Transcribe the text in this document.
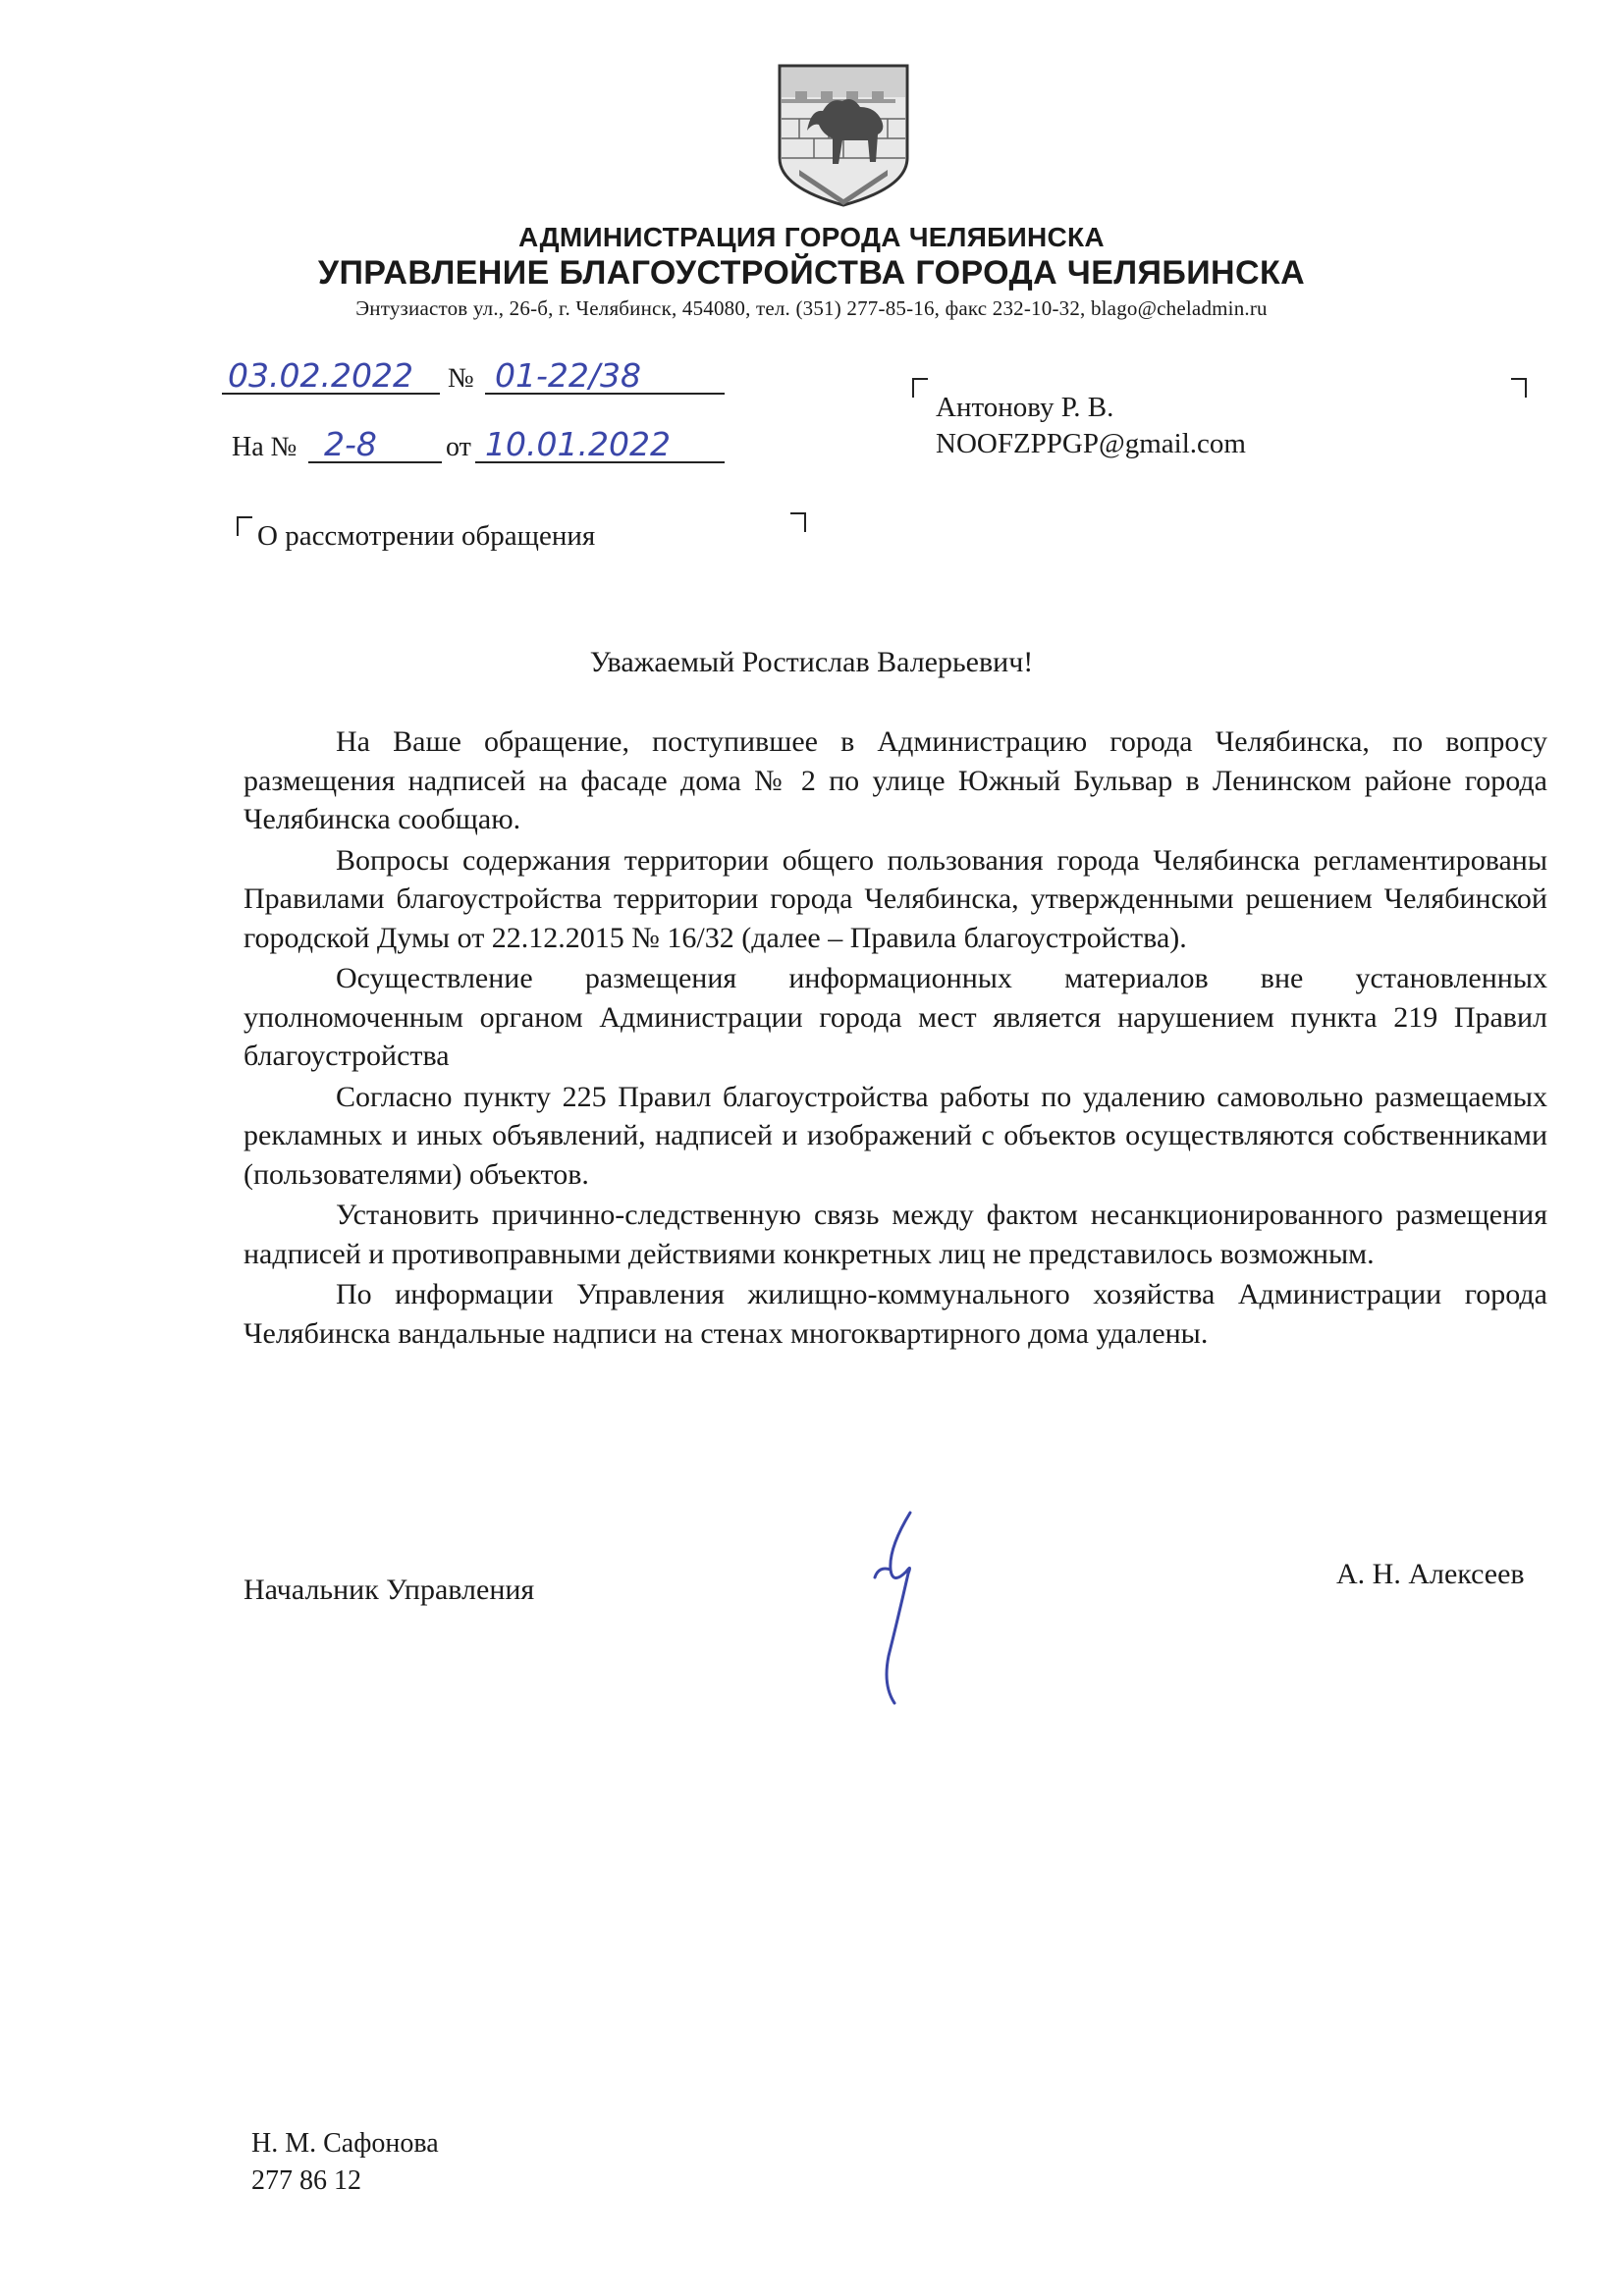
АДМИНИСТРАЦИЯ ГОРОДА ЧЕЛЯБИНСКА
УПРАВЛЕНИЕ БЛАГОУСТРОЙСТВА ГОРОДА ЧЕЛЯБИНСКА
Энтузиастов ул., 26-б, г. Челябинск, 454080, тел. (351) 277-85-16, факс 232-10-32, blago@cheladmin.ru
03.02.2022 № 01-22/38
На № 2-8	от 10.01.2022
Антонову Р. В.
NOOFZPPGP@gmail.com
О рассмотрении обращения
Уважаемый Ростислав Валерьевич!

На Ваше обращение, поступившее в Администрацию города Челябинска, по вопросу размещения надписей на фасаде дома № 2 по улице Южный Бульвар в Ленинском районе города Челябинска сообщаю.

Вопросы содержания территории общего пользования города Челябинска регламентированы Правилами благоустройства территории города Челябинска, утвержденными решением Челябинской городской Думы от 22.12.2015 № 16/32 (далее – Правила благоустройства).

Осуществление размещения информационных материалов вне установленных уполномоченным органом Администрации города мест является нарушением пункта 219 Правил благоустройства

Согласно пункту 225 Правил благоустройства работы по удалению самовольно размещаемых рекламных и иных объявлений, надписей и изображений с объектов осуществляются собственниками (пользователями) объектов.

Установить причинно-следственную связь между фактом несанкционированного размещения надписей и противоправными действиями конкретных лиц не представилось возможным.

По информации Управления жилищно-коммунального хозяйства Администрации города Челябинска вандальные надписи на стенах многоквартирного дома удалены.

Начальник Управления	А. Н. Алексеев
Н. М. Сафонова
277 86 12
